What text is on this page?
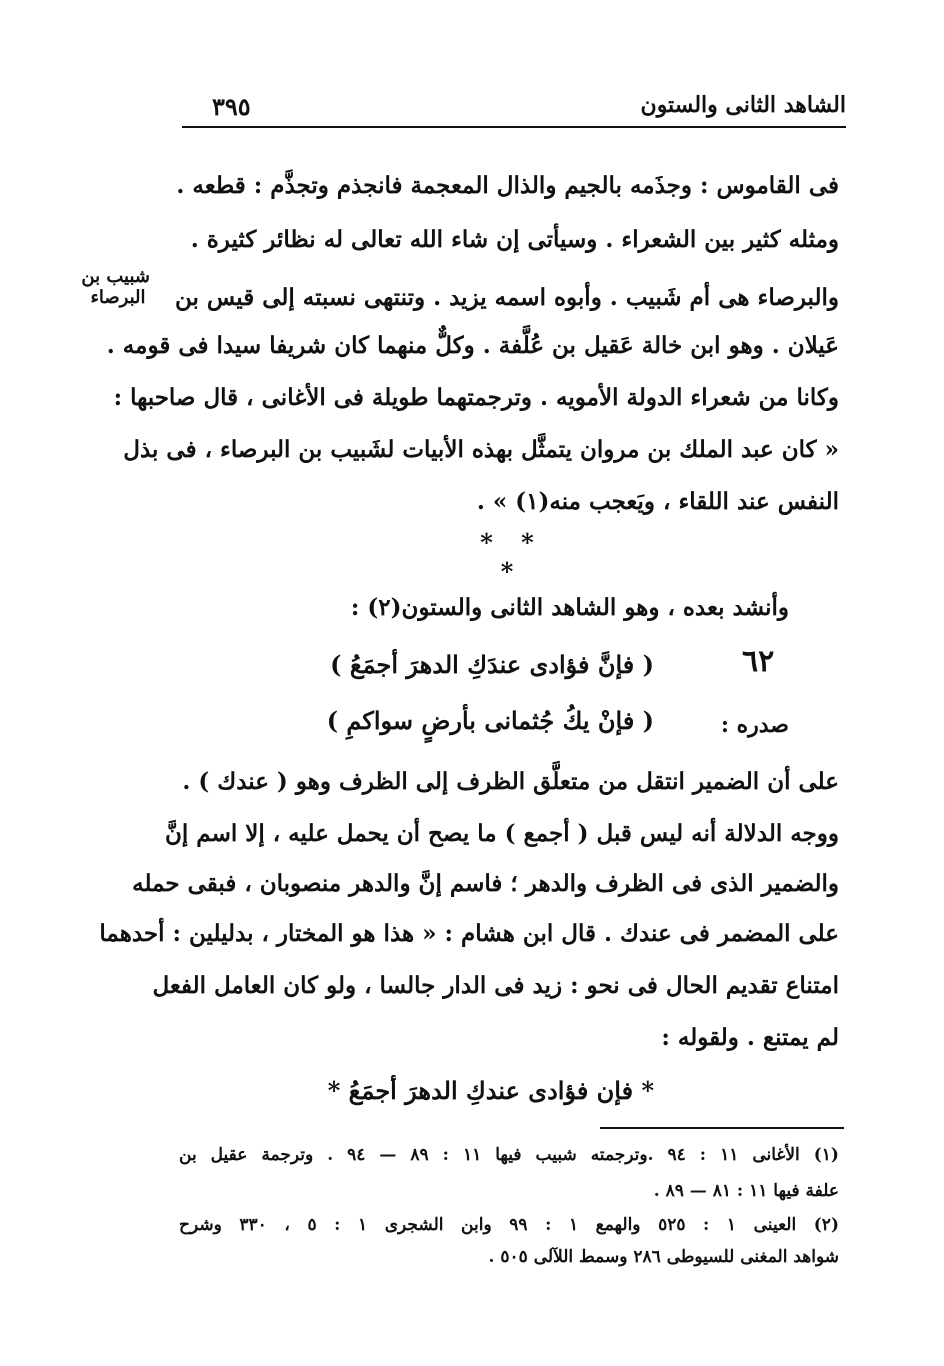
الشاهد الثانى والستون
٣٩٥
شبيب بن
البرصاء
فى القاموس : وجذَمه بالجيم والذال المعجمة فانجذم وتجذَّم : قطعه .
ومثله كثير بين الشعراء . وسيأتى إن شاء الله تعالى له نظائر كثيرة .
والبرصاء هى أم شَبيب . وأبوه اسمه يزيد . وتنتهى نسبته إلى قيس بن
عَيلان . وهو ابن خالة عَقيل بن عُلَّفة . وكلٌّ منهما كان شريفا سيدا فى قومه .
وكانا من شعراء الدولة الأمويه . وترجمتهما طويلة فى الأغانى ، قال صاحبها :
« كان عبد الملك بن مروان يتمثَّل بهذه الأبيات لشَبيب بن البرصاء ، فى بذل
النفس عند اللقاء ، ويَعجب منه(١) » .
* * *
وأنشد بعده ، وهو الشاهد الثانى والستون(٢) :
٦٢
( فإنَّ فؤادى عندَكِ الدهرَ أجمَعُ )
صدره :
( فإنْ يكُ جُثمانى بأرضٍ سواكمِ )
على أن الضمير انتقل من متعلَّق الظرف إلى الظرف وهو ( عندك ) .
ووجه الدلالة أنه ليس قبل ( أجمع ) ما يصح أن يحمل عليه ، إلا اسم إنَّ
والضمير الذى فى الظرف والدهر ؛ فاسم إنَّ والدهر منصوبان ، فبقى حمله
على المضمر فى عندك . قال ابن هشام : « هذا هو المختار ، بدليلين : أحدهما
امتناع تقديم الحال فى نحو : زيد فى الدار جالسا ، ولو كان العامل الفعل
لم يمتنع . ولقوله :
* فإن فؤادى عندكِ الدهرَ أجمَعُ *
(١) الأغانى ١١ : ٩٤ .وترجمته شبيب فيها ١١ : ٨٩ — ٩٤ . وترجمة عقيل بن
علفة فيها ١١ : ٨١ — ٨٩ .
(٢) العينى ١ : ٥٢٥ والهمع ١ : ٩٩ وابن الشجرى ١ : ٥ ، ٣٣٠ وشرح
شواهد المغنى للسيوطى ٢٨٦ وسمط اللآلى ٥٠٥ .
